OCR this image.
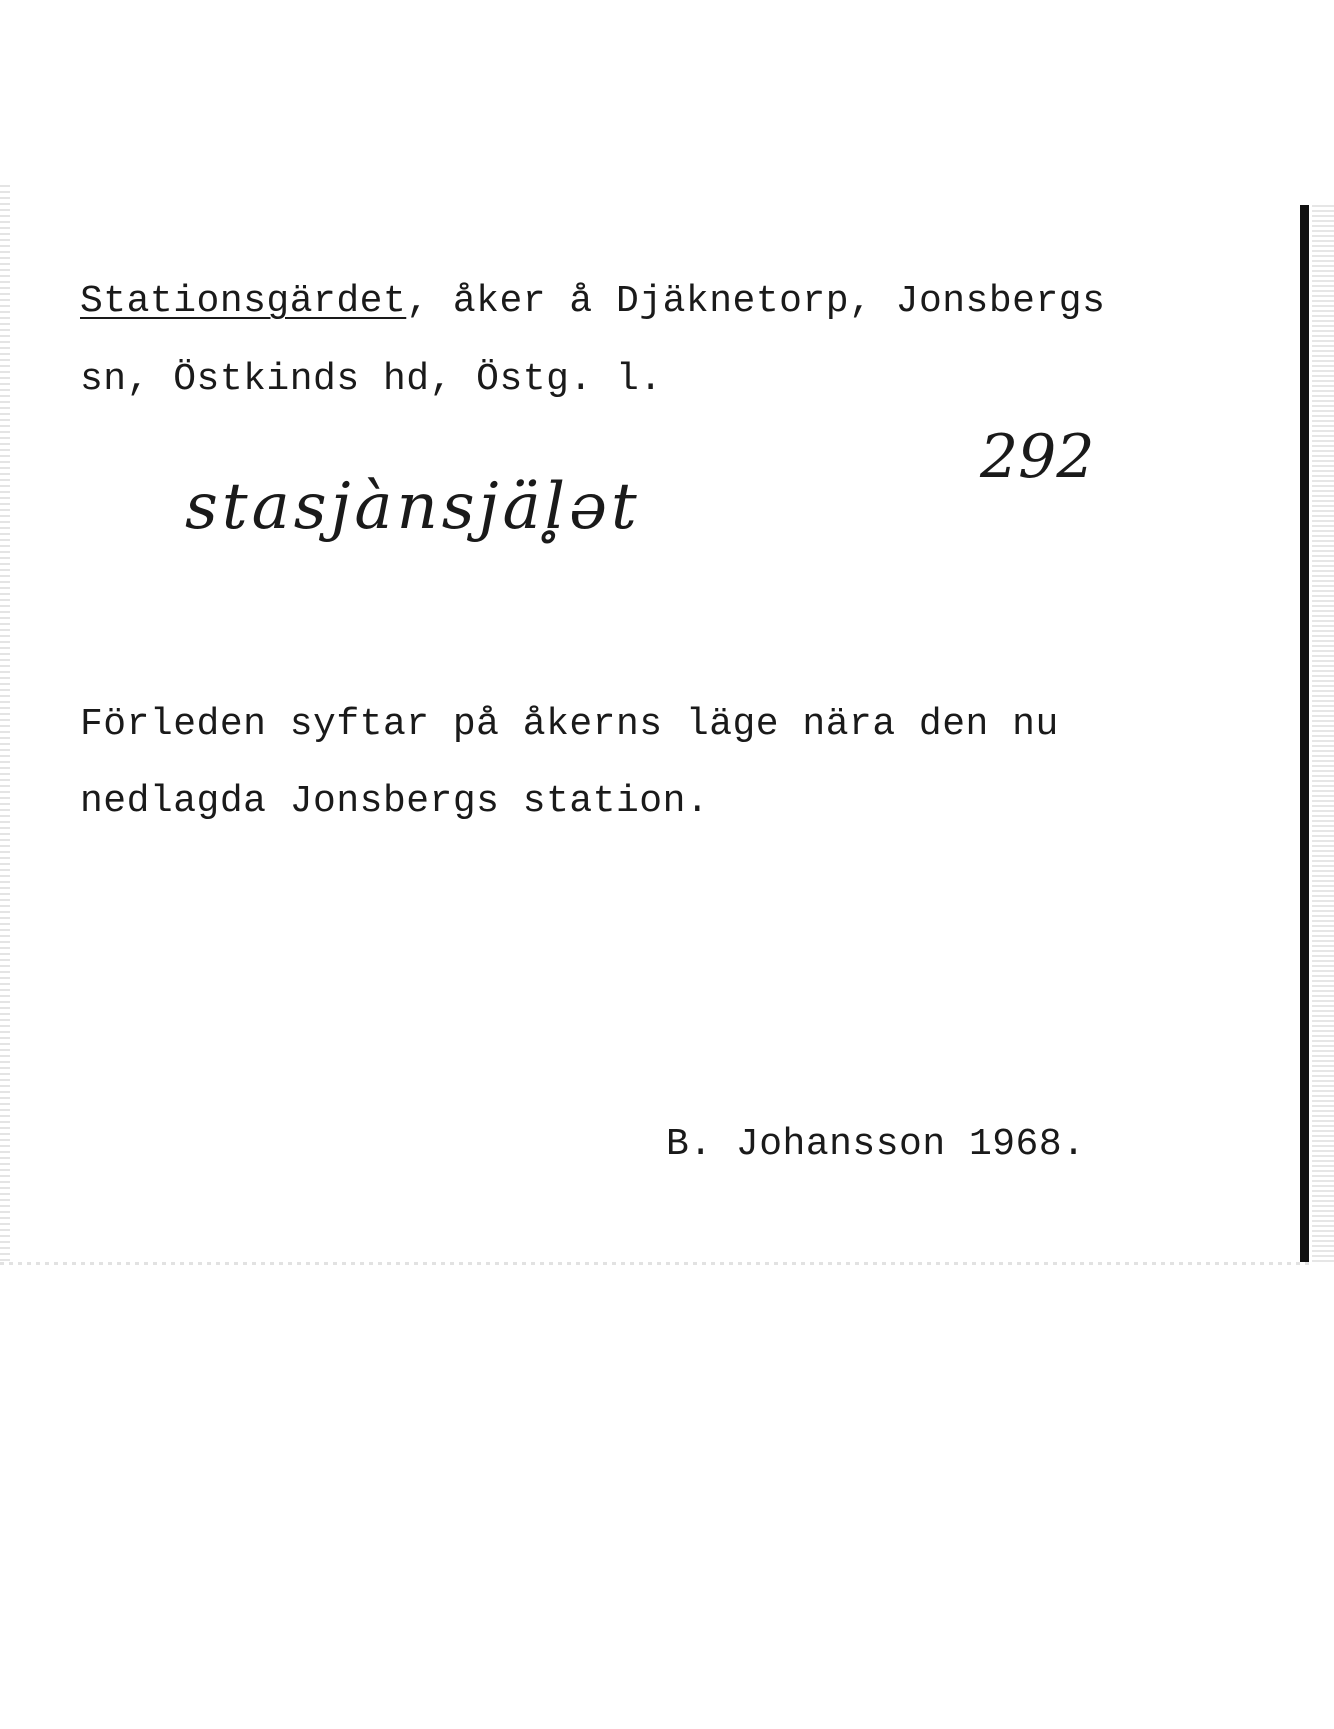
Stationsgärdet, åker å Djäknetorp, Jonsbergs
sn, Östkinds hd, Östg. l.
stasjànsjäl̥ət
292
Förleden syftar på åkerns läge nära den nu
nedlagda Jonsbergs station.
B. Johansson 1968.
